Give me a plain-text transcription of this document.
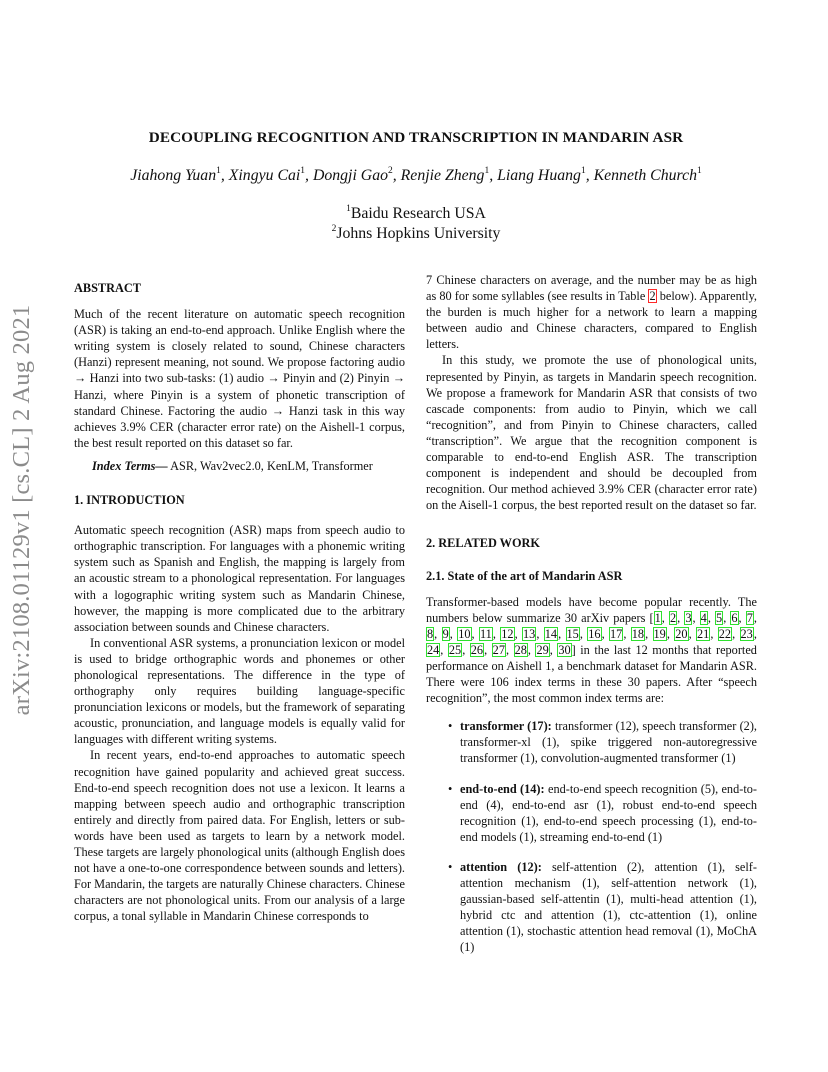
arXiv:2108.01129v1 [cs.CL] 2 Aug 2021
DECOUPLING RECOGNITION AND TRANSCRIPTION IN MANDARIN ASR
Jiahong Yuan$^1$, Xingyu Cai$^1$, Dongji Gao$^2$, Renjie Zheng$^1$, Liang Huang$^1$, Kenneth Church$^1$
$^1$Baidu Research USA
$^2$Johns Hopkins University

ABSTRACT

Much of the recent literature on automatic speech recognition (ASR) is taking an end-to-end approach. Unlike English where the writing system is closely related to sound, Chinese characters (Hanzi) represent meaning, not sound. We propose factoring audio → Hanzi into two sub-tasks: (1) audio → Pinyin and (2) Pinyin → Hanzi, where Pinyin is a system of phonetic transcription of standard Chinese. Factoring the audio → Hanzi task in this way achieves 3.9% CER (character error rate) on the Aishell-1 corpus, the best result reported on this dataset so far.

Index Terms— ASR, Wav2vec2.0, KenLM, Transformer

1. INTRODUCTION

Automatic speech recognition (ASR) maps from speech audio to orthographic transcription. For languages with a phonemic writing system such as Spanish and English, the mapping is largely from an acoustic stream to a phonological representation. For languages with a logographic writing system such as Mandarin Chinese, however, the mapping is more complicated due to the arbitrary association between sounds and Chinese characters.

In conventional ASR systems, a pronunciation lexicon or model is used to bridge orthographic words and phonemes or other phonological representations. The difference in the type of orthography only requires building language-specific pronunciation lexicons or models, but the framework of separating acoustic, pronunciation, and language models is equally valid for languages with different writing systems.

In recent years, end-to-end approaches to automatic speech recognition have gained popularity and achieved great success. End-to-end speech recognition does not use a lexicon. It learns a mapping between speech audio and orthographic transcription entirely and directly from paired data. For English, letters or sub-words have been used as targets to learn by a network model. These targets are largely phonological units (although English does not have a one-to-one correspondence between sounds and letters). For Mandarin, the targets are naturally Chinese characters. Chinese characters are not phonological units. From our analysis of a large corpus, a tonal syllable in Mandarin Chinese corresponds to

7 Chinese characters on average, and the number may be as high as 80 for some syllables (see results in Table 2 below). Apparently, the burden is much higher for a network to learn a mapping between audio and Chinese characters, compared to English letters.

In this study, we promote the use of phonological units, represented by Pinyin, as targets in Mandarin speech recognition. We propose a framework for Mandarin ASR that consists of two cascade components: from audio to Pinyin, which we call “recognition”, and from Pinyin to Chinese characters, called “transcription”. We argue that the recognition component is comparable to end-to-end English ASR. The transcription component is independent and should be decoupled from recognition. Our method achieved 3.9% CER (character error rate) on the Aisell-1 corpus, the best reported result on the dataset so far.

2. RELATED WORK

2.1. State of the art of Mandarin ASR

Transformer-based models have become popular recently. The numbers below summarize 30 arXiv papers [1, 2, 3, 4, 5, 6, 7, 8, 9, 10, 11, 12, 13, 14, 15, 16, 17, 18, 19, 20, 21, 22, 23, 24, 25, 26, 27, 28, 29, 30] in the last 12 months that reported performance on Aishell 1, a benchmark dataset for Mandarin ASR. There were 106 index terms in these 30 papers. After “speech recognition”, the most common index terms are:

• transformer (17): transformer (12), speech transformer (2), transformer-xl (1), spike triggered non-autoregressive transformer (1), convolution-augmented transformer (1)
• end-to-end (14): end-to-end speech recognition (5), end-to-end (4), end-to-end asr (1), robust end-to-end speech recognition (1), end-to-end speech processing (1), end-to-end models (1), streaming end-to-end (1)
• attention (12): self-attention (2), attention (1), self-attention mechanism (1), self-attention network (1), gaussian-based self-attentin (1), multi-head attention (1), hybrid ctc and attention (1), ctc-attention (1), online attention (1), stochastic attention head removal (1), MoChA (1)
